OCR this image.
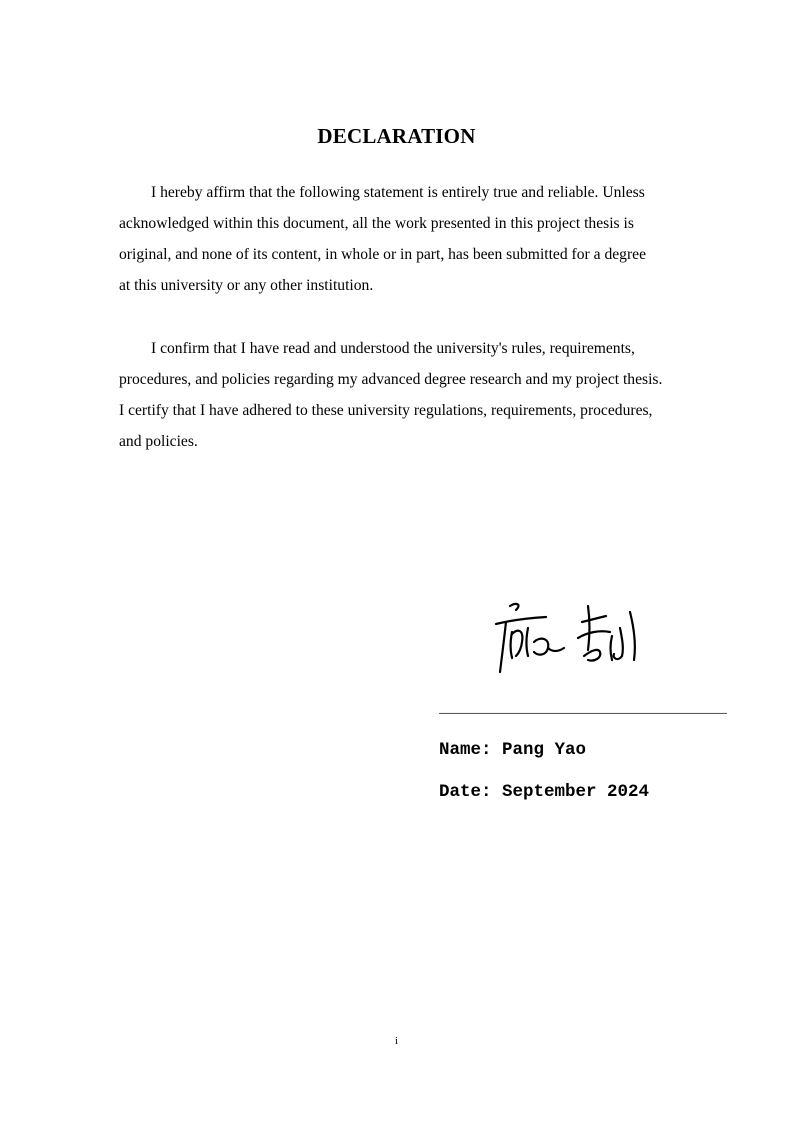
DECLARATION
I hereby affirm that the following statement is entirely true and reliable. Unless
acknowledged within this document, all the work presented in this project thesis is
original, and none of its content, in whole or in part, has been submitted for a degree
at this university or any other institution.
I confirm that I have read and understood the university's rules, requirements,
procedures, and policies regarding my advanced degree research and my project thesis.
I certify that I have adhered to these university regulations, requirements, procedures,
and policies.
________________________________
Name: Pang Yao
Date: September 2024
i
